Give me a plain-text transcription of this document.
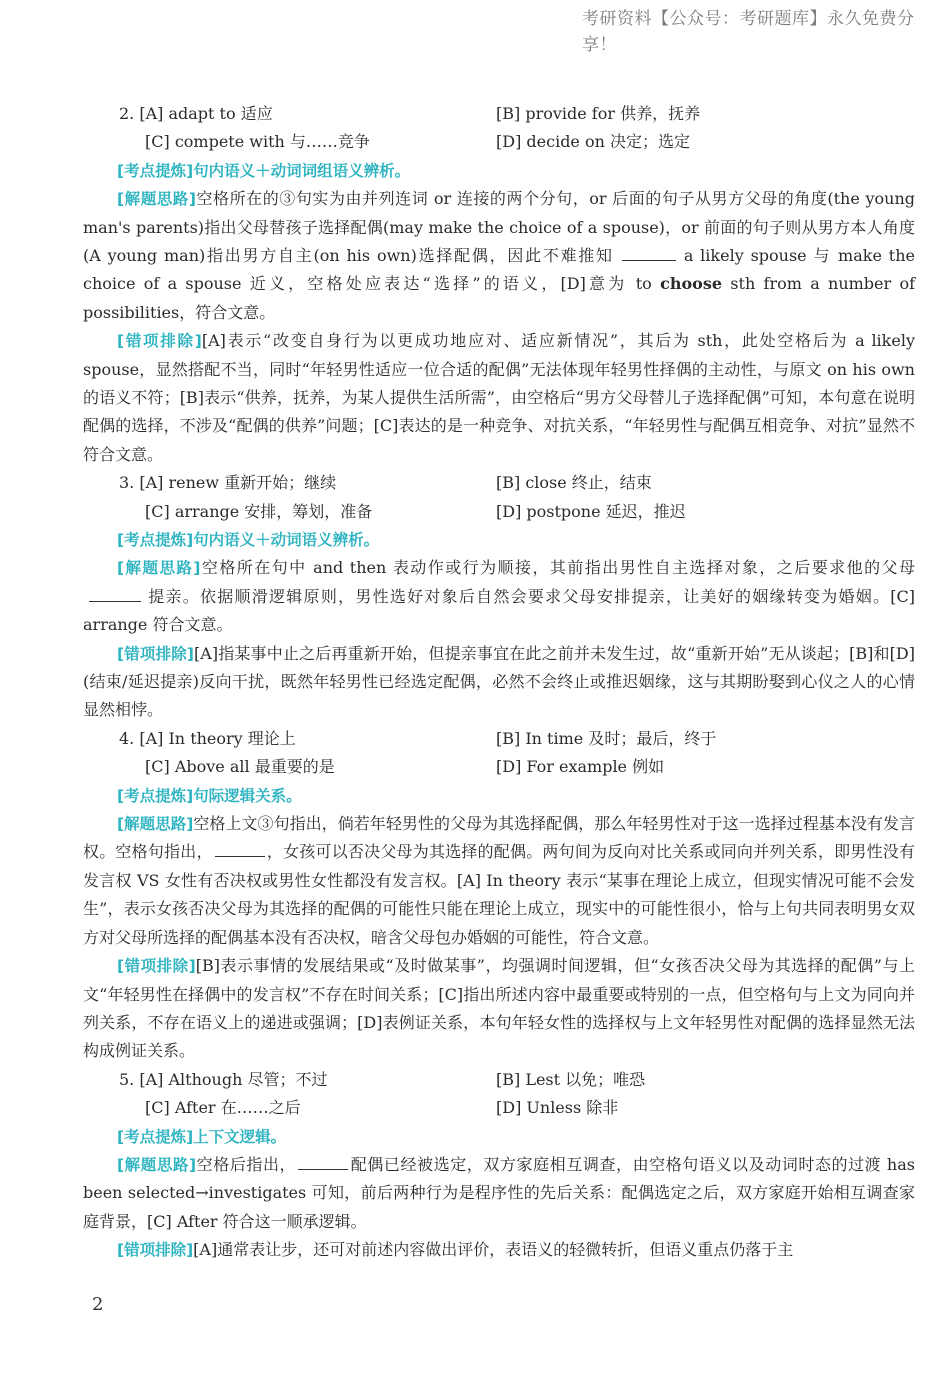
考研资料【公众号：考研题库】永久免费分享！
2. [A] adapt to 适应	[B] provide for 供养，抚养
[C] compete with 与……竞争	[D] decide on 决定；选定

[考点提炼]句内语义＋动词词组语义辨析。

[解题思路]空格所在的③句实为由并列连词 or 连接的两个分句，or 后面的句子从男方父母的角度(the young man's parents)指出父母替孩子选择配偶(may make the choice of a spouse)，or 前面的句子则从男方本人角度(A young man)指出男方自主(on his own)选择配偶，因此不难推知	a likely spouse 与 make the choice of a spouse 近义，空格处应表达“选择”的语义，[D]意为 to choose sth from a number of possibilities，符合文意。

[错项排除][A]表示“改变自身行为以更成功地应对、适应新情况”，其后为 sth，此处空格后为 a likely spouse，显然搭配不当，同时“年轻男性适应一位合适的配偶”无法体现年轻男性择偶的主动性，与原文 on his own 的语义不符；[B]表示“供养，抚养，为某人提供生活所需”，由空格后“男方父母替儿子选择配偶”可知，本句意在说明配偶的选择，不涉及“配偶的供养”问题；[C]表达的是一种竞争、对抗关系，“年轻男性与配偶互相竞争、对抗”显然不符合文意。

3. [A] renew 重新开始；继续	[B] close 终止，结束
[C] arrange 安排，筹划，准备	[D] postpone 延迟，推迟

[考点提炼]句内语义＋动词语义辨析。

[解题思路]空格所在句中 and then 表动作或行为顺接，其前指出男性自主选择对象，之后要求他的父母提亲。依据顺滑逻辑原则，男性选好对象后自然会要求父母安排提亲，让美好的姻缘转变为婚姻。[C] arrange 符合文意。

[错项排除][A]指某事中止之后再重新开始，但提亲事宜在此之前并未发生过，故“重新开始”无从谈起；[B]和[D](结束/延迟提亲)反向干扰，既然年轻男性已经选定配偶，必然不会终止或推迟姻缘，这与其期盼娶到心仪之人的心情显然相悖。

4. [A] In theory 理论上	[B] In time 及时；最后，终于
[C] Above all 最重要的是	[D] For example 例如

[考点提炼]句际逻辑关系。

[解题思路]空格上文③句指出，倘若年轻男性的父母为其选择配偶，那么年轻男性对于这一选择过程基本没有发言权。空格句指出，	，女孩可以否决父母为其选择的配偶。两句间为反向对比关系或同向并列关系，即男性没有发言权 VS 女性有否决权或男性女性都没有发言权。[A] In theory 表示“某事在理论上成立，但现实情况可能不会发生”，表示女孩否决父母为其选择的配偶的可能性只能在理论上成立，现实中的可能性很小，恰与上句共同表明男女双方对父母所选择的配偶基本没有否决权，暗含父母包办婚姻的可能性，符合文意。

[错项排除][B]表示事情的发展结果或“及时做某事”，均强调时间逻辑，但“女孩否决父母为其选择的配偶”与上文“年轻男性在择偶中的发言权”不存在时间关系；[C]指出所述内容中最重要或特别的一点，但空格句与上文为同向并列关系，不存在语义上的递进或强调；[D]表例证关系，本句年轻女性的选择权与上文年轻男性对配偶的选择显然无法构成例证关系。

5. [A] Although 尽管；不过	[B] Lest 以免；唯恐
[C] After 在……之后	[D] Unless 除非

[考点提炼]上下文逻辑。

[解题思路]空格后指出，	配偶已经被选定，双方家庭相互调查，由空格句语义以及动词时态的过渡 has been selected→investigates 可知，前后两种行为是程序性的先后关系：配偶选定之后，双方家庭开始相互调查家庭背景，[C] After 符合这一顺承逻辑。

[错项排除][A]通常表让步，还可对前述内容做出评价，表语义的轻微转折，但语义重点仍落于主

2
